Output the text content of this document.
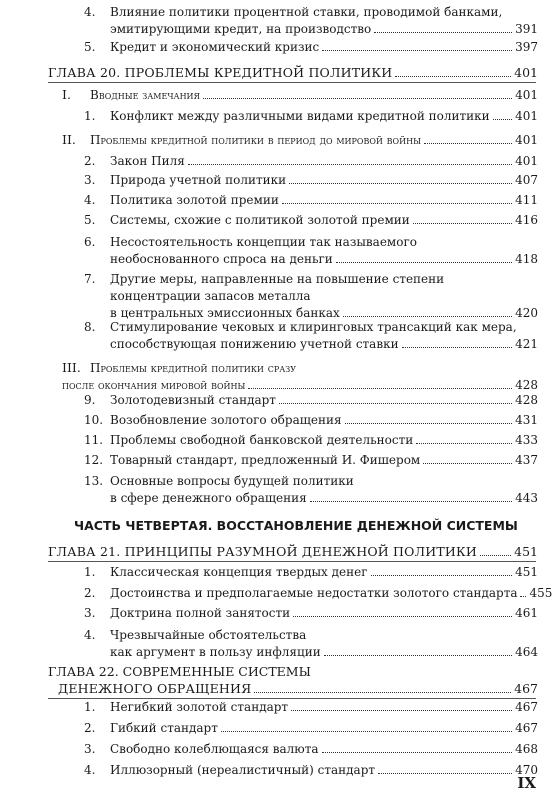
4. Влияние политики процентной ставки, проводимой банками,
эмитирующими кредит, на производство	391
5. Кредит и экономический кризис	397
ГЛАВА 20. ПРОБЛЕМЫ КРЕДИТНОЙ ПОЛИТИКИ	401
I. Вводные замечания	401
1. Конфликт между различными видами кредитной политики 401
II. Проблемы кредитной политики в период до мировой войны	401
2. Закон Пиля	401
3. Природа учетной политики	407
4. Политика золотой премии	411
5. Системы, схожие с политикой золотой премии	416
6. Несостоятельность концепции так называемого
необоснованного спроса на деньги	418
7. Другие меры, направленные на повышение степени
концентрации запасов металла
в центральных эмиссионных банках	420
8. Стимулирование чековых и клиринговых трансакций как мера,
способствующая понижению учетной ставки	421
III. Проблемы кредитной политики сразу
после окончания мировой войны	428
9. Золотодевизный стандарт	428
10. Возобновление золотого обращения	431
11. Проблемы свободной банковской деятельности	433
12. Товарный стандарт, предложенный И. Фишером	437
13. Основные вопросы будущей политики
в сфере денежного обращения	443
ЧАСТЬ ЧЕТВЕРТАЯ. ВОССТАНОВЛЕНИЕ ДЕНЕЖНОЙ СИСТЕМЫ
ГЛАВА 21. ПРИНЦИПЫ РАЗУМНОЙ ДЕНЕЖНОЙ ПОЛИТИКИ	451
1. Классическая концепция твердых денег	451
2. Достоинства и предполагаемые недостатки золотого стандарта 455
3. Доктрина полной занятости	461
4. Чрезвычайные обстоятельства
как аргумент в пользу инфляции	464
ГЛАВА 22. СОВРЕМЕННЫЕ СИСТЕМЫ
ДЕНЕЖНОГО ОБРАЩЕНИЯ	467
1. Негибкий золотой стандарт	467
2. Гибкий стандарт	467
3. Свободно колеблющаяся валюта	468
4. Иллюзорный (нереалистичный) стандарт	470
IX
